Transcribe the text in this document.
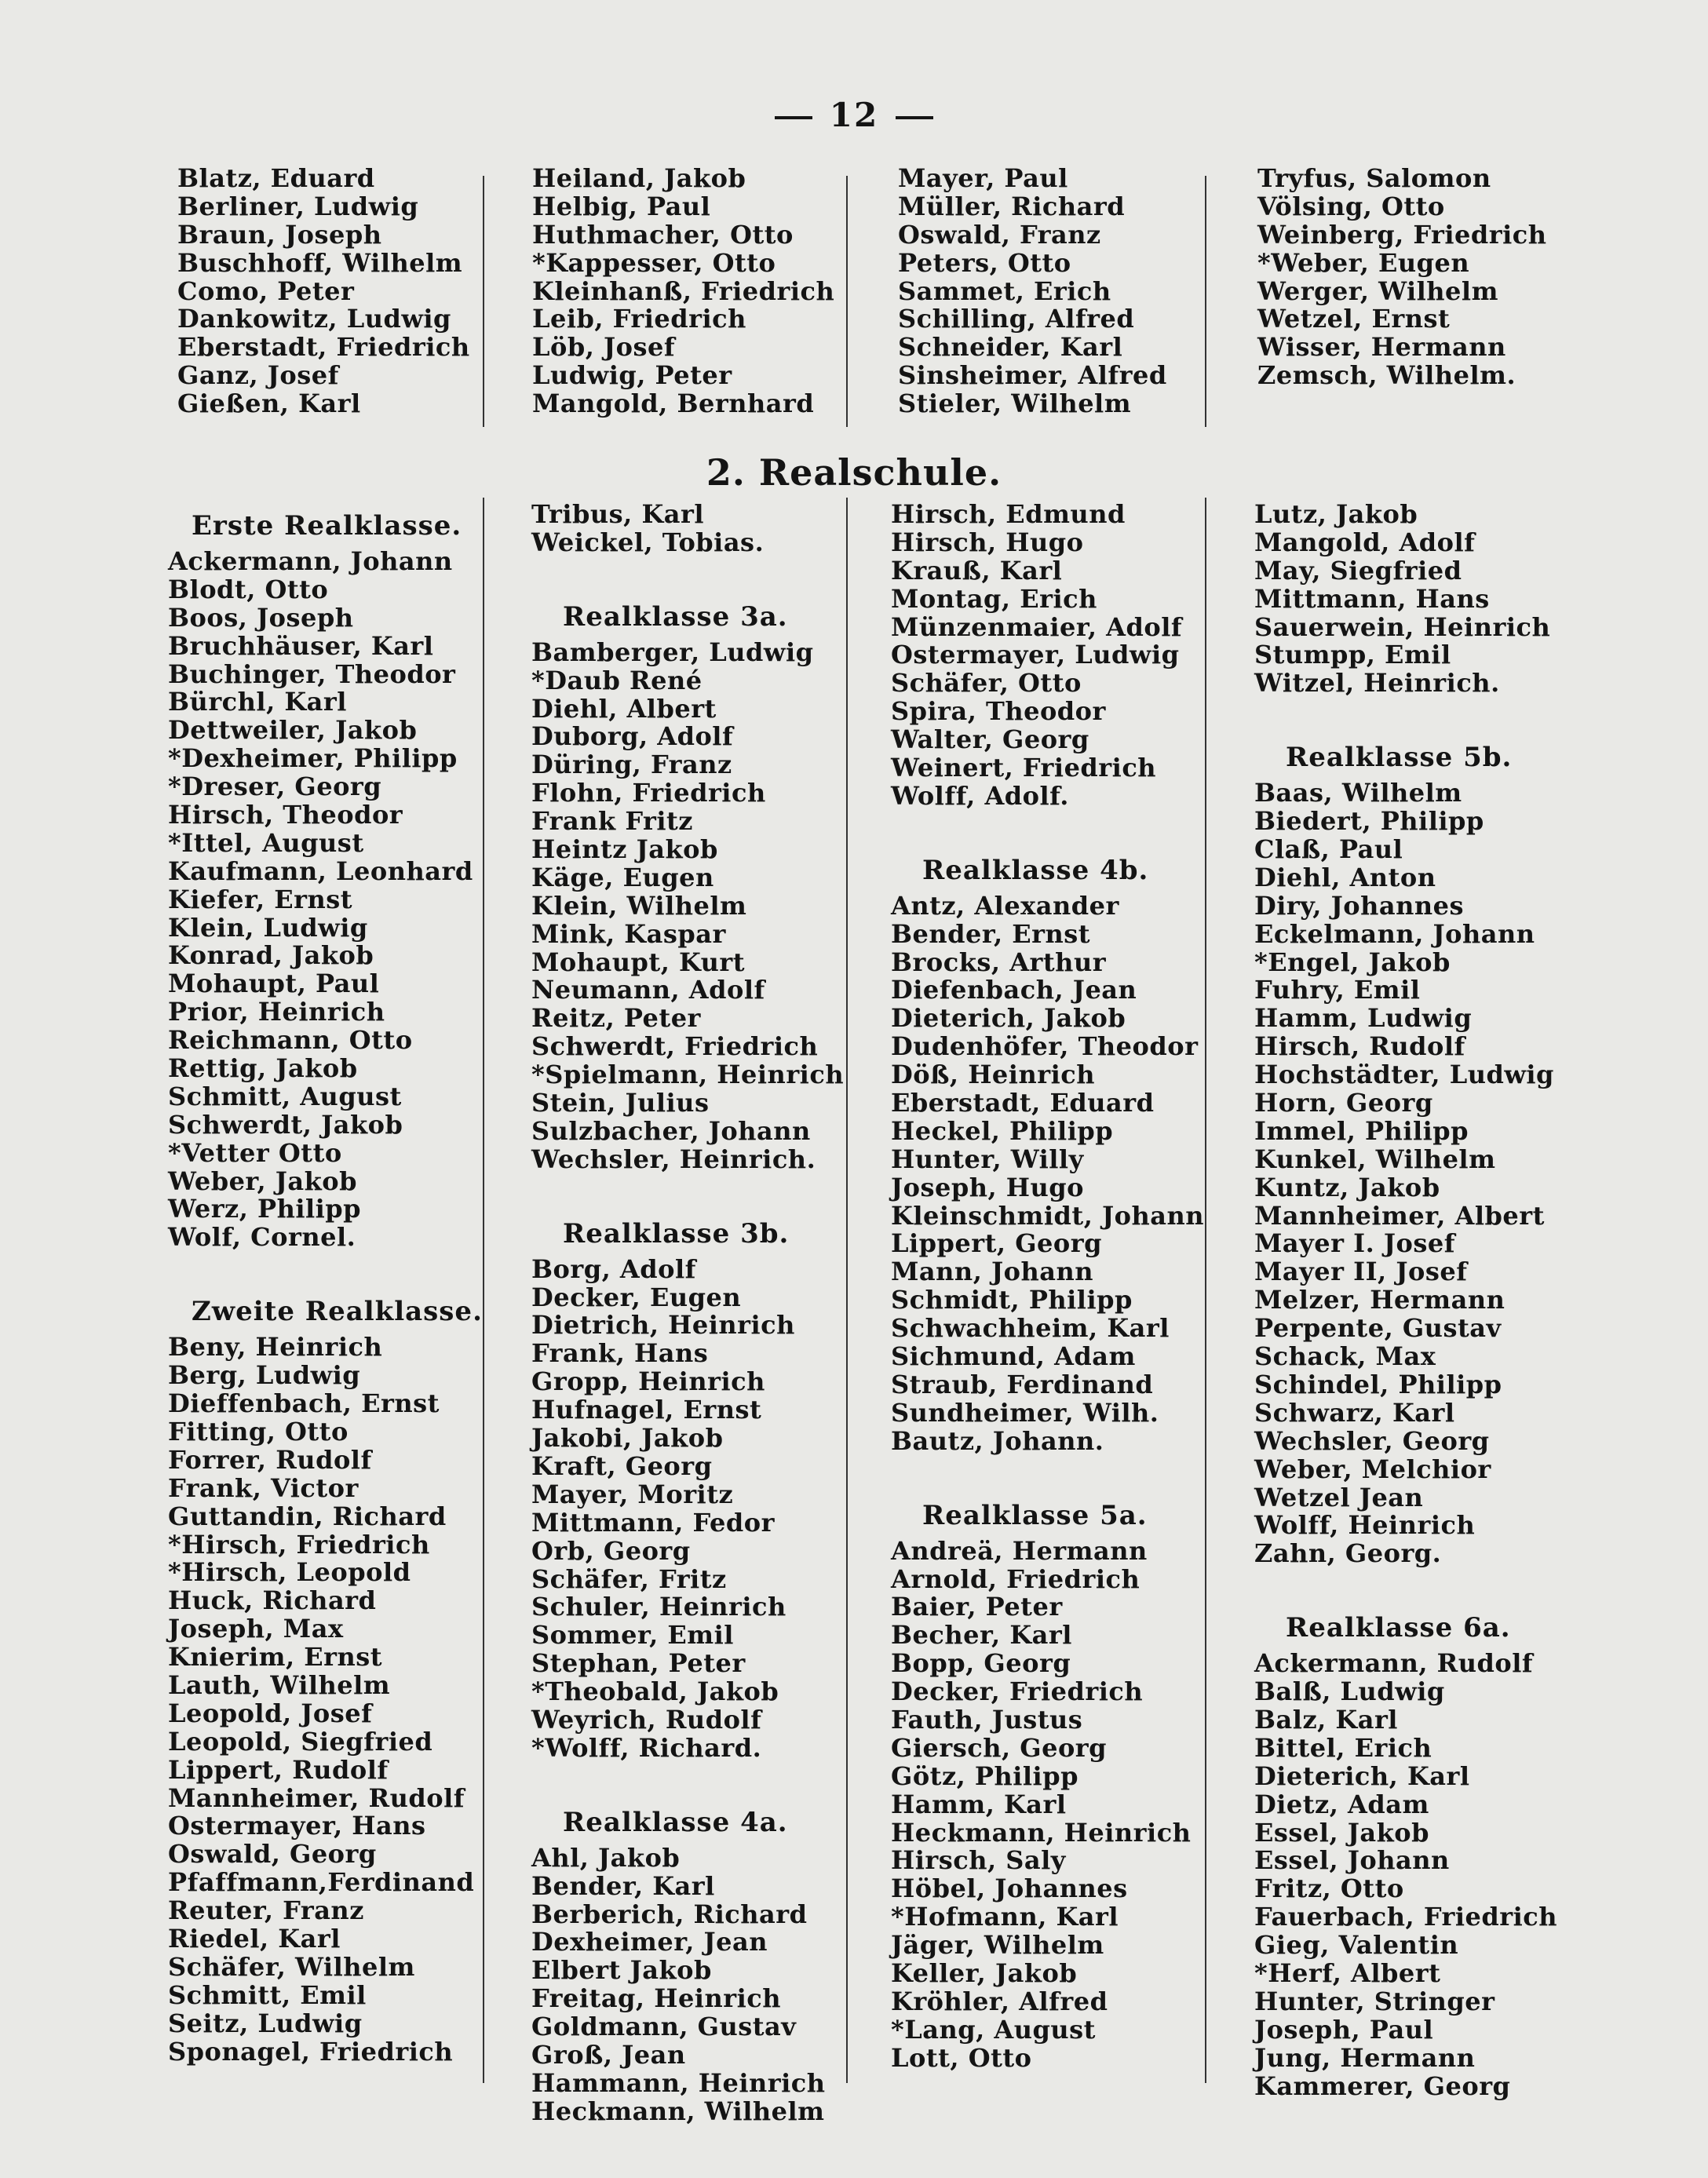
12
Blatz, Eduard
Berliner, Ludwig
Braun, Joseph
Buschhoff, Wilhelm
Como, Peter
Dankowitz, Ludwig
Eberstadt, Friedrich
Ganz, Josef
Gießen, Karl
Heiland, Jakob
Helbig, Paul
Huthmacher, Otto
*Kappesser, Otto
Kleinhanß, Friedrich
Leib, Friedrich
Löb, Josef
Ludwig, Peter
Mangold, Bernhard
Mayer, Paul
Müller, Richard
Oswald, Franz
Peters, Otto
Sammet, Erich
Schilling, Alfred
Schneider, Karl
Sinsheimer, Alfred
Stieler, Wilhelm
Tryfus, Salomon
Völsing, Otto
Weinberg, Friedrich
*Weber, Eugen
Werger, Wilhelm
Wetzel, Ernst
Wisser, Hermann
Zemsch, Wilhelm.
2. Realschule.
Erste Realklasse.
Ackermann, Johann
Blodt, Otto
Boos, Joseph
Bruchhäuser, Karl
Buchinger, Theodor
Bürchl, Karl
Dettweiler, Jakob
*Dexheimer, Philipp
*Dreser, Georg
Hirsch, Theodor
*Ittel, August
Kaufmann, Leonhard
Kiefer, Ernst
Klein, Ludwig
Konrad, Jakob
Mohaupt, Paul
Prior, Heinrich
Reichmann, Otto
Rettig, Jakob
Schmitt, August
Schwerdt, Jakob
*Vetter Otto
Weber, Jakob
Werz, Philipp
Wolf, Cornel.
Zweite Realklasse.
Beny, Heinrich
Berg, Ludwig
Dieffenbach, Ernst
Fitting, Otto
Forrer, Rudolf
Frank, Victor
Guttandin, Richard
*Hirsch, Friedrich
*Hirsch, Leopold
Huck, Richard
Joseph, Max
Knierim, Ernst
Lauth, Wilhelm
Leopold, Josef
Leopold, Siegfried
Lippert, Rudolf
Mannheimer, Rudolf
Ostermayer, Hans
Oswald, Georg
Pfaffmann,Ferdinand
Reuter, Franz
Riedel, Karl
Schäfer, Wilhelm
Schmitt, Emil
Seitz, Ludwig
Sponagel, Friedrich
Tribus, Karl
Weickel, Tobias.
Realklasse 3a.
Bamberger, Ludwig
*Daub René
Diehl, Albert
Duborg, Adolf
Düring, Franz
Flohn, Friedrich
Frank Fritz
Heintz Jakob
Käge, Eugen
Klein, Wilhelm
Mink, Kaspar
Mohaupt, Kurt
Neumann, Adolf
Reitz, Peter
Schwerdt, Friedrich
*Spielmann, Heinrich
Stein, Julius
Sulzbacher, Johann
Wechsler, Heinrich.
Realklasse 3b.
Borg, Adolf
Decker, Eugen
Dietrich, Heinrich
Frank, Hans
Gropp, Heinrich
Hufnagel, Ernst
Jakobi, Jakob
Kraft, Georg
Mayer, Moritz
Mittmann, Fedor
Orb, Georg
Schäfer, Fritz
Schuler, Heinrich
Sommer, Emil
Stephan, Peter
*Theobald, Jakob
Weyrich, Rudolf
*Wolff, Richard.
Realklasse 4a.
Ahl, Jakob
Bender, Karl
Berberich, Richard
Dexheimer, Jean
Elbert Jakob
Freitag, Heinrich
Goldmann, Gustav
Groß, Jean
Hammann, Heinrich
Heckmann, Wilhelm
Hirsch, Edmund
Hirsch, Hugo
Krauß, Karl
Montag, Erich
Münzenmaier, Adolf
Ostermayer, Ludwig
Schäfer, Otto
Spira, Theodor
Walter, Georg
Weinert, Friedrich
Wolff, Adolf.
Realklasse 4b.
Antz, Alexander
Bender, Ernst
Brocks, Arthur
Diefenbach, Jean
Dieterich, Jakob
Dudenhöfer, Theodor
Döß, Heinrich
Eberstadt, Eduard
Heckel, Philipp
Hunter, Willy
Joseph, Hugo
Kleinschmidt, Johann
Lippert, Georg
Mann, Johann
Schmidt, Philipp
Schwachheim, Karl
Sichmund, Adam
Straub, Ferdinand
Sundheimer, Wilh.
Bautz, Johann.
Realklasse 5a.
Andreä, Hermann
Arnold, Friedrich
Baier, Peter
Becher, Karl
Bopp, Georg
Decker, Friedrich
Fauth, Justus
Giersch, Georg
Götz, Philipp
Hamm, Karl
Heckmann, Heinrich
Hirsch, Saly
Höbel, Johannes
*Hofmann, Karl
Jäger, Wilhelm
Keller, Jakob
Kröhler, Alfred
*Lang, August
Lott, Otto
Lutz, Jakob
Mangold, Adolf
May, Siegfried
Mittmann, Hans
Sauerwein, Heinrich
Stumpp, Emil
Witzel, Heinrich.
Realklasse 5b.
Baas, Wilhelm
Biedert, Philipp
Claß, Paul
Diehl, Anton
Diry, Johannes
Eckelmann, Johann
*Engel, Jakob
Fuhry, Emil
Hamm, Ludwig
Hirsch, Rudolf
Hochstädter, Ludwig
Horn, Georg
Immel, Philipp
Kunkel, Wilhelm
Kuntz, Jakob
Mannheimer, Albert
Mayer I. Josef
Mayer II, Josef
Melzer, Hermann
Perpente, Gustav
Schack, Max
Schindel, Philipp
Schwarz, Karl
Wechsler, Georg
Weber, Melchior
Wetzel Jean
Wolff, Heinrich
Zahn, Georg.
Realklasse 6a.
Ackermann, Rudolf
Balß, Ludwig
Balz, Karl
Bittel, Erich
Dieterich, Karl
Dietz, Adam
Essel, Jakob
Essel, Johann
Fritz, Otto
Fauerbach, Friedrich
Gieg, Valentin
*Herf, Albert
Hunter, Stringer
Joseph, Paul
Jung, Hermann
Kammerer, Georg
